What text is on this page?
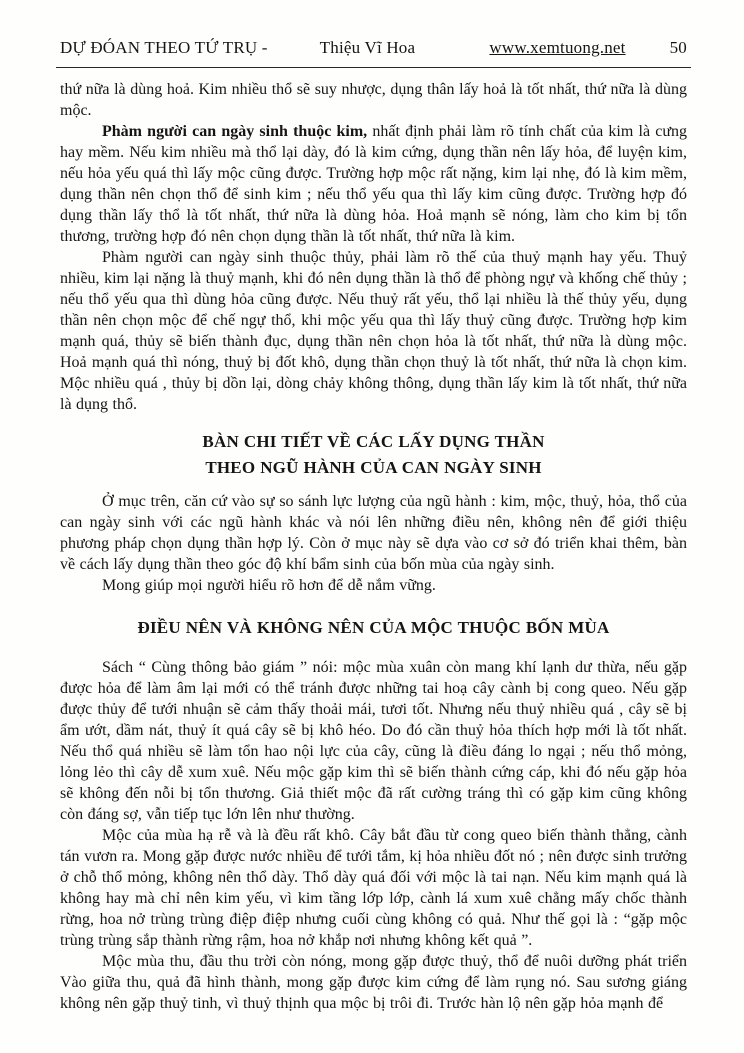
DỰ ĐÓAN THEO TỨ TRỤ -	Thiệu Vĩ Hoa	www.xemtuong.net	50

thứ nữa là dùng hoả. Kim nhiều thổ sẽ suy nhược, dụng thân lấy hoả là tốt nhất, thứ nữa là dùng mộc.

Phàm người can ngày sinh thuộc kim, nhất định phải làm rõ tính chất của kim là cưng hay mềm. Nếu kim nhiều mà thổ lại dày, đó là kim cứng, dụng thần nên lấy hỏa, để luyện kim, nếu hỏa yếu quá thì lấy mộc cũng được. Trường hợp mộc rất nặng, kim lại nhẹ, đó là kim mềm, dụng thần nên chọn thổ để sinh kim ; nếu thổ yếu qua thì lấy kim cũng được. Trường hợp đó dụng thần lấy thổ là tốt nhất, thứ nữa là dùng hỏa. Hoả mạnh sẽ nóng, làm cho kim bị tổn thương, trường hợp đó nên chọn dụng thần là tốt nhất, thứ nữa là kim.

Phàm người can ngày sinh thuộc thủy, phải làm rõ thế của thuỷ mạnh hay yếu. Thuỷ nhiều, kim lại nặng là thuỷ mạnh, khi đó nên dụng thần là thổ để phòng ngự và khống chế thủy ; nếu thổ yếu qua thì dùng hỏa cũng được. Nếu thuỷ rất yếu, thổ lại nhiều là thế thủy yếu, dụng thần nên chọn mộc để chế ngự thổ, khi mộc yếu qua thì lấy thuỷ cũng được. Trường hợp kim mạnh quá, thủy sẽ biến thành đục, dụng thần nên chọn hỏa là tốt nhất, thứ nữa là dùng mộc. Hoả mạnh quá thì nóng, thuỷ bị đốt khô, dụng thần chọn thuỷ là tốt nhất, thứ nữa là chọn kim. Mộc nhiều quá , thủy bị dồn lại, dòng chảy không thông, dụng thần lấy kim là tốt nhất, thứ nữa là dụng thổ.

BÀN CHI TIẾT VỀ CÁC LẤY DỤNG THẦN
THEO NGŨ HÀNH CỦA CAN NGÀY SINH

Ở mục trên, căn cứ vào sự so sánh lực lượng của ngũ hành : kim, mộc, thuỷ, hỏa, thổ của can ngày sinh với các ngũ hành khác và nói lên những điều nên, không nên để giới thiệu phương pháp chọn dụng thần hợp lý. Còn ở mục này sẽ dựa vào cơ sở đó triển khai thêm, bàn về cách lấy dụng thần theo góc độ khí bẩm sinh của bốn mùa của ngày sinh.

Mong giúp mọi người hiểu rõ hơn để dễ nắm vững.

ĐIỀU NÊN VÀ KHÔNG NÊN CỦA MỘC THUỘC BỐN MÙA

Sách “ Cùng thông bảo giám ” nói: mộc mùa xuân còn mang khí lạnh dư thừa, nếu gặp được hỏa để làm âm lại mới có thể tránh được những tai hoạ cây cành bị cong queo. Nếu gặp được thủy để tưới nhuận sẽ cảm thấy thoải mái, tươi tốt. Nhưng nếu thuỷ nhiều quá , cây sẽ bị ẩm ướt, dầm nát, thuỷ ít quá cây sẽ bị khô héo. Do đó cần thuỷ hỏa thích hợp mới là tốt nhất. Nếu thổ quá nhiều sẽ làm tổn hao nội lực của cây, cũng là điều đáng lo ngại ; nếu thổ mỏng, lỏng lẻo thì cây dễ xum xuê. Nếu mộc gặp kim thì sẽ biến thành cứng cáp, khi đó nếu gặp hỏa sẽ không đến nỗi bị tổn thương. Giả thiết mộc đã rất cường tráng thì có gặp kim cũng không còn đáng sợ, vẫn tiếp tục lớn lên như thường.

Mộc của mùa hạ rễ và là đều rất khô. Cây bắt đầu từ cong queo biến thành thẳng, cành tán vươn ra. Mong gặp được nước nhiều để tưới tắm, kị hỏa nhiều đốt nó ; nên được sinh trưởng ở chỗ thổ mỏng, không nên thổ dày. Thổ dày quá đối với mộc là tai nạn. Nếu kim mạnh quá là không hay mà chỉ nên kim yếu, vì kim tầng lớp lớp, cành lá xum xuê chẳng mấy chốc thành rừng, hoa nở trùng trùng điệp điệp nhưng cuối cùng không có quả. Như thế gọi là : “gặp mộc trùng trùng sắp thành rừng rậm, hoa nở khắp nơi nhưng không kết quả ”.

Mộc mùa thu, đầu thu trời còn nóng, mong gặp được thuỷ, thổ để nuôi dưỡng phát triển Vào giữa thu, quả đã hình thành, mong gặp được kim cứng để làm rụng nó. Sau sương giáng không nên gặp thuỷ tinh, vì thuỷ thịnh qua mộc bị trôi đi. Trước hàn lộ nên gặp hỏa mạnh để
